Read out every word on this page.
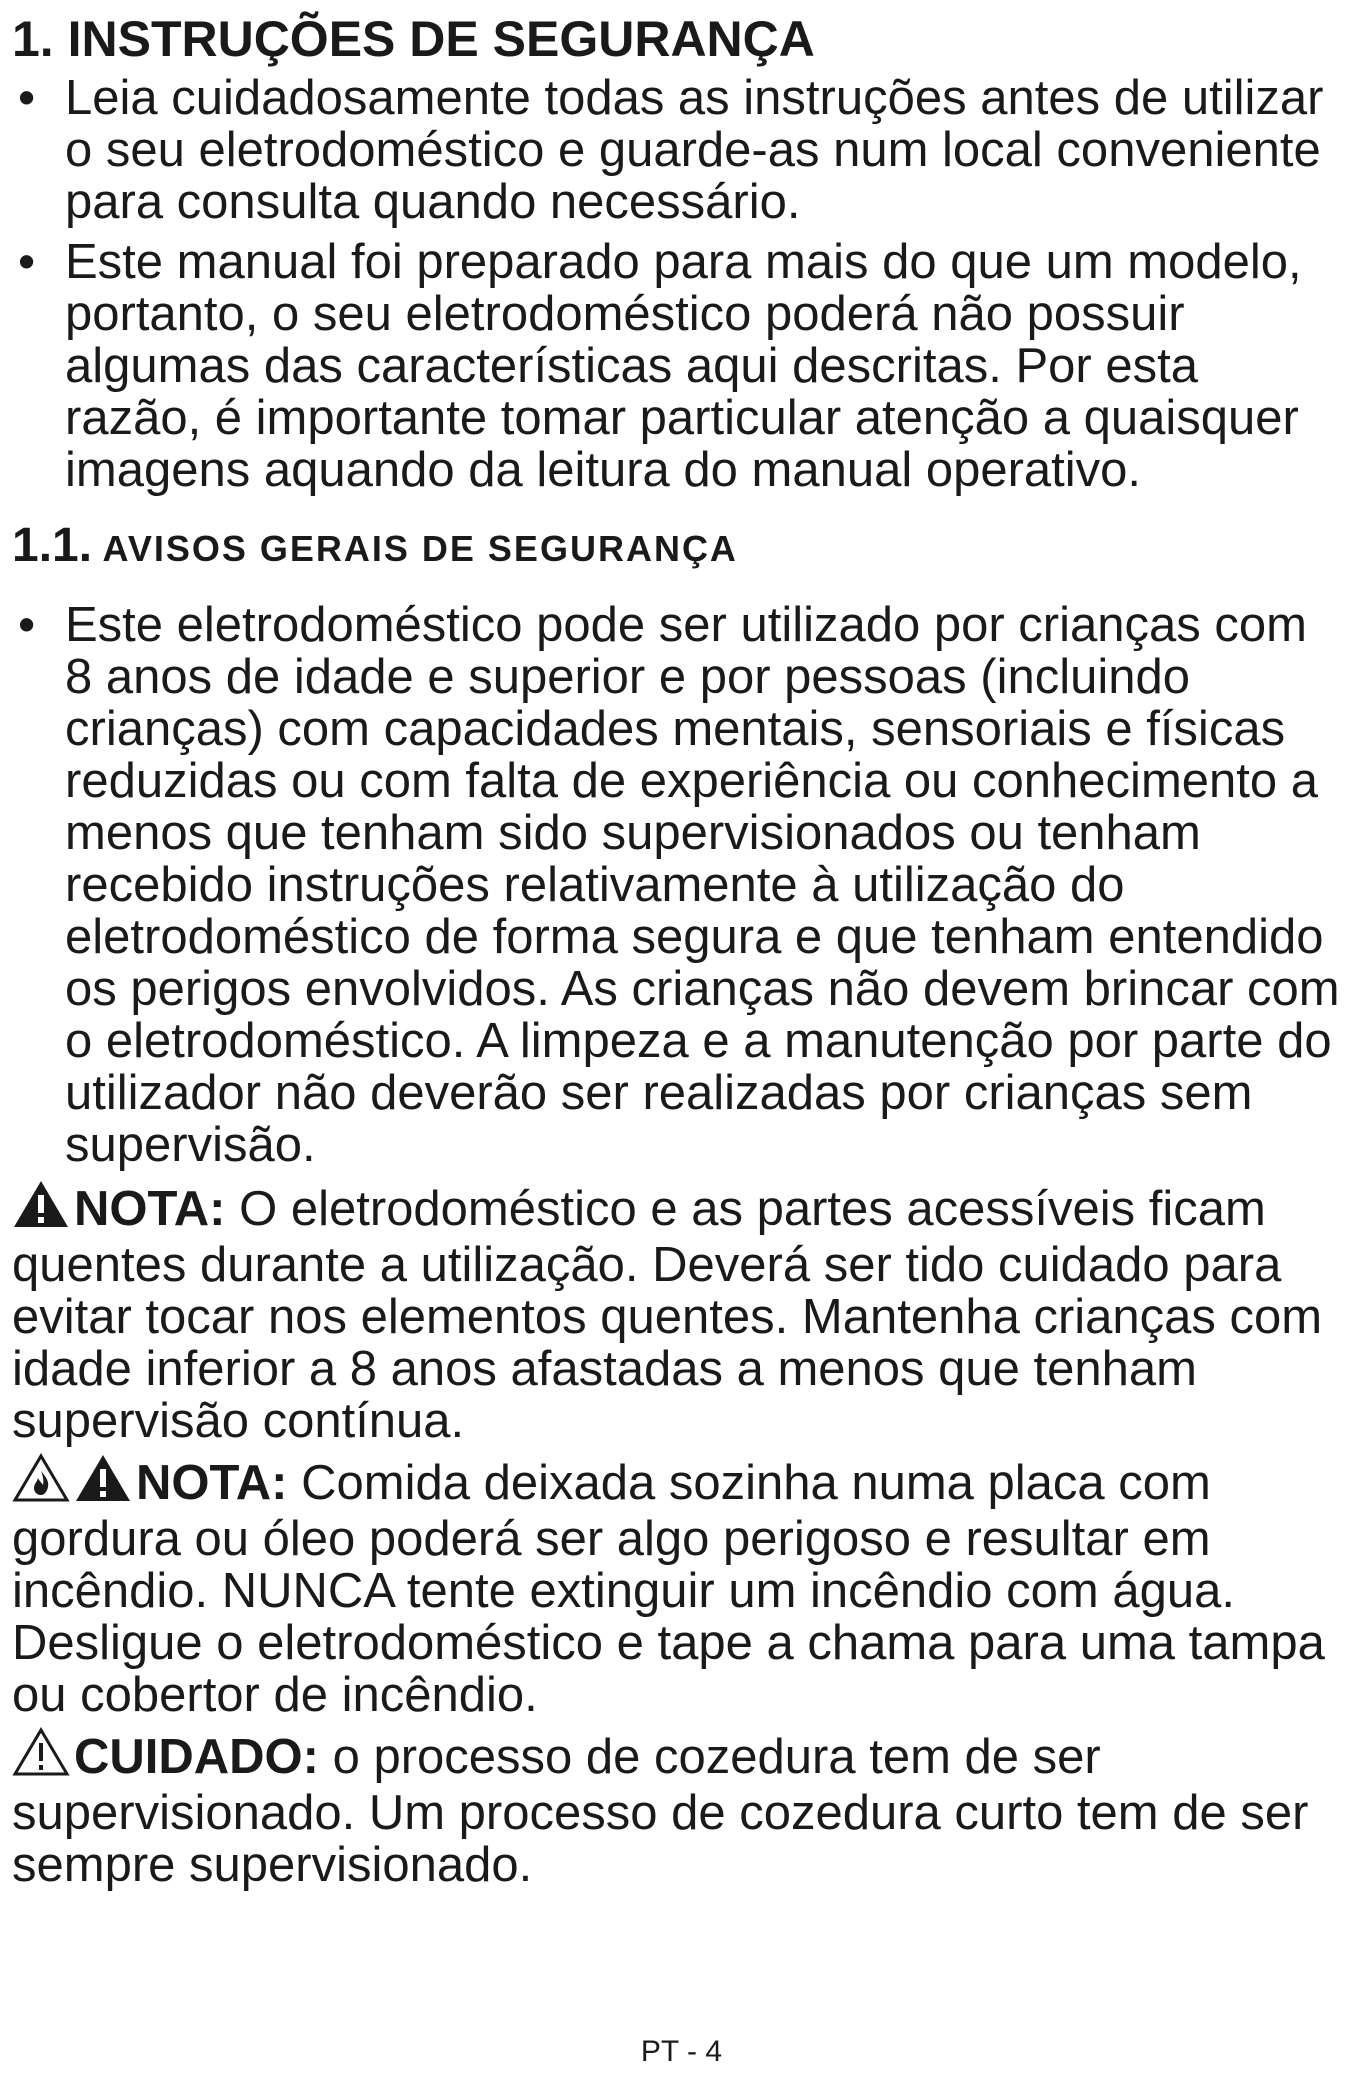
1. INSTRUÇÕES DE SEGURANÇA
• Leia cuidadosamente todas as instruções antes de utilizar o seu eletrodoméstico e guarde-as num local conveniente para consulta quando necessário.
• Este manual foi preparado para mais do que um modelo, portanto, o seu eletrodoméstico poderá não possuir algumas das características aqui descritas. Por esta razão, é importante tomar particular atenção a quaisquer imagens aquando da leitura do manual operativo.
1.1. AVISOS GERAIS DE SEGURANÇA
• Este eletrodoméstico pode ser utilizado por crianças com 8 anos de idade e superior e por pessoas (incluindo crianças) com capacidades mentais, sensoriais e físicas reduzidas ou com falta de experiência ou conhecimento a menos que tenham sido supervisionados ou tenham recebido instruções relativamente à utilização do eletrodoméstico de forma segura e que tenham entendido os perigos envolvidos. As crianças não devem brincar com o eletrodoméstico. A limpeza e a manutenção por parte do utilizador não deverão ser realizadas por crianças sem supervisão.
NOTA: O eletrodoméstico e as partes acessíveis ficam quentes durante a utilização. Deverá ser tido cuidado para evitar tocar nos elementos quentes. Mantenha crianças com idade inferior a 8 anos afastadas a menos que tenham supervisão contínua.
NOTA: Comida deixada sozinha numa placa com gordura ou óleo poderá ser algo perigoso e resultar em incêndio. NUNCA tente extinguir um incêndio com água. Desligue o eletrodoméstico e tape a chama para uma tampa ou cobertor de incêndio.
CUIDADO: o processo de cozedura tem de ser supervisionado. Um processo de cozedura curto tem de ser sempre supervisionado.
PT - 4
